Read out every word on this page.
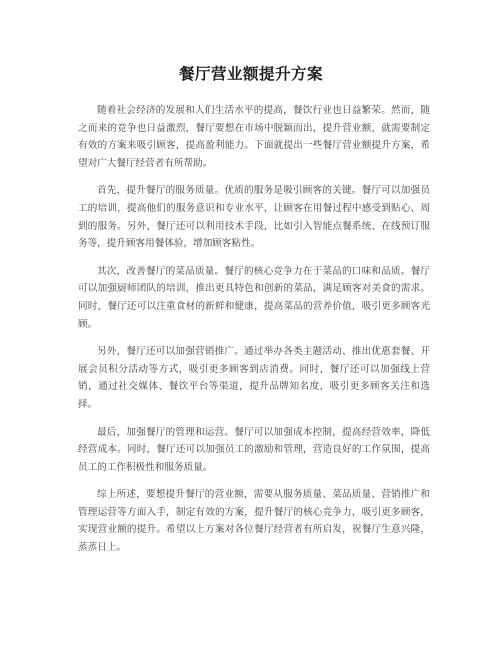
餐厅营业额提升方案

随着社会经济的发展和人们生活水平的提高，餐饮行业也日益繁荣。然而，随之而来的竞争也日益激烈，餐厅要想在市场中脱颖而出，提升营业额，就需要制定有效的方案来吸引顾客，提高盈利能力。下面就提出一些餐厅营业额提升方案，希望对广大餐厅经营者有所帮助。

首先，提升餐厅的服务质量。优质的服务是吸引顾客的关键。餐厅可以加强员工的培训，提高他们的服务意识和专业水平，让顾客在用餐过程中感受到贴心、周到的服务。另外，餐厅还可以利用技术手段，比如引入智能点餐系统、在线预订服务等，提升顾客用餐体验，增加顾客粘性。

其次，改善餐厅的菜品质量。餐厅的核心竞争力在于菜品的口味和品质。餐厅可以加强厨师团队的培训，推出更具特色和创新的菜品，满足顾客对美食的需求。同时，餐厅还可以注重食材的新鲜和健康，提高菜品的营养价值，吸引更多顾客光顾。

另外，餐厅还可以加强营销推广。通过举办各类主题活动、推出优惠套餐、开展会员积分活动等方式，吸引更多顾客到店消费。同时，餐厅还可以加强线上营销，通过社交媒体、餐饮平台等渠道，提升品牌知名度，吸引更多顾客关注和选择。

最后，加强餐厅的管理和运营。餐厅可以加强成本控制，提高经营效率，降低经营成本。同时，餐厅还可以加强员工的激励和管理，营造良好的工作氛围，提高员工的工作积极性和服务质量。

综上所述，要想提升餐厅的营业额，需要从服务质量、菜品质量、营销推广和管理运营等方面入手，制定有效的方案，提升餐厅的核心竞争力，吸引更多顾客，实现营业额的提升。希望以上方案对各位餐厅经营者有所启发，祝餐厅生意兴隆，蒸蒸日上。
